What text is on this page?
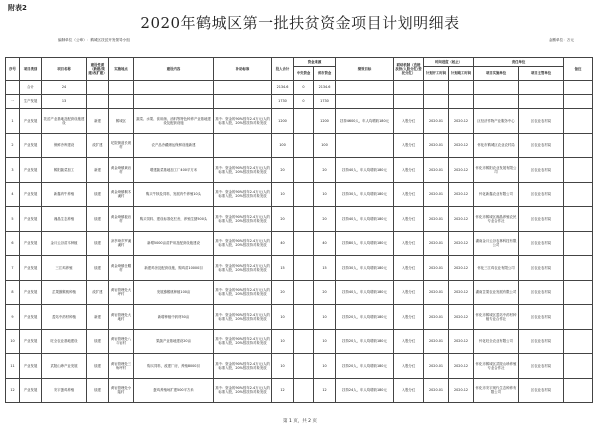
附表2
2020年鹤城区第一批扶贫资金项目计划明细表
编制单位（公章）：鹤城区扶贫开发领导小组	金额单位：万元
序号	项目类别	项目名称	建设性质（新建/续建/改扩建）	实施地点	建设内容	补助标准	投入合计	资金来源		绩效目标	联结机制（直接扶持/入股分红/委托分红）	时间进度（起止）		责任单位		备注
								中央资金	省市资金			计划开工时间	计划竣工时间	项目实施单位	项目主管单位	
	合计	24					2134.6	0	2134.6							
一	生产发展	13					1730	0	1730							
1	产业发展	扶贫产业基地及配套设施建设	新建	鹤城区	蔬菜、水果、食用菌、油料等特色种养产业基地建设及配套设施	其中：资金的90%按年2.4万元/人的标准入股，20%按扶持对象发放	1200		1200	扶持4600人，年人均增收180元	入股分红	2020.01	2020.12	区经济作物产业服务中心	区农业农村局	
2	产业发展	保鲜冷库建设	改扩建	坨院街道长坡村	农产品冷藏储运保鲜设施新建		100		100		入股分红	2020.01	2020.12	怀化市鹤城区农业农村局	区农业农村局	
3	产业发展	鹤阳蔬菜加工	新建	黄金坳镇黄岩村	增建蔬菜基地加工厂400平方米	其中：资金的90%按年2.4万元/人的标准入股，20%按扶持对象发放	20		20	扶持40人，年人均增收180元	入股分红	2020.01	2020.12	怀化市鹤阳农业发展有限公司	区农业农村局	
4	产业发展	新鑫肉牛养殖	续建	黄金坳镇桐木溪村	购买牛犊及饲料，发展肉牛养殖10头	其中：资金的90%按年2.4万元/人的标准入股，20%按扶持对象发放	10		10	扶持30人，年人均增收180元	入股分红	2020.01	2020.12	怀化新鑫农业有限公司	区农业农村局	
5	产业发展	湘晶生态养殖	续建	黄金坳镇板岩村	购买饲料、建设标准化栏舍，养殖生猪500头	其中：资金的90%按年2.4万元/人的标准入股，20%按扶持对象发放	20		20	扶持40人，年人均增收180元	入股分红	2020.01	2020.12	怀化市鹤城区湘晶养殖农民专业合作社	区农业农村局	
6	产业发展	金月云谷苗木种植	续建	凉亭坳乡罗溪溪村	新增5000亩苗护用及配套设施建设	其中：资金的90%按年2.4万元/人的标准入股，20%按扶持对象发放	40		40	扶持80人，年人均增收180元	入股分红	2020.01	2020.12	湖南金月云谷农林科技有限公司	区农业农村局	
7	产业发展	三江鸡养殖	续建	黄金坳镇仕帽村	新建鸡舍及配套设施，购鸡苗10000羽	其中：资金的90%按年2.4万元/人的标准入股，20%按扶持对象发放	15		15	扶持30人，年人均增收180元	入股分红	2020.01	2020.12	怀化三江鸡农业有限公司	区农业农村局	
8	产业发展	芷果猕猴桃种植	改扩建	黄岩管理处大坪村	发展猕猴桃种植100亩	其中：资金的90%按年2.4万元/人的标准入股，20%按扶持对象发放	20		20	扶持40人，年人均增收180元	入股分红	2020.01	2020.12	湖南芷果农业发展有限公司	区农业农村局	
9	产业发展	盈站中药材种植	新建	黄岩管理处大地村	新增种植中药材50亩	其中：资金的90%按年2.4万元/人的标准入股，20%按扶持对象发放	10		10	扶持20人，年人均增收180元	入股分红	2020.01	2020.12	怀化市鹤城区盈站中药材种植专业合作社	区农业农村局	
10	产业发展	旺全农业基地建设	续建	黄岩管理处八斗岩村	果蔬产业基地建设20亩	其中：资金的90%按年2.4万元/人的标准入股，20%按扶持对象发放	10		10	扶持20人，年人均增收180元	入股分红	2020.01	2020.12	怀化旺全农业有限公司	区农业农村局	
11	产业发展	武陵山珍产业发展	续建	黄岩管理处三角坪村	购买饲料，改建厂房，养殖8000羽	其中：资金的90%按年2.4万元/人的标准入股，20%按扶持对象发放	10		10	扶持20人，年人均增收180元	入股分红	2020.01	2020.12	怀化市鹤城区武陵山珍养殖专业合作社	区农业农村局	
12	产业发展	安宇蛋鸡养殖	续建	黄岩管理处小陆村	蛋鸡养殖场扩建500平方米	其中：资金的90%按年2.4万元/人的标准入股，20%按扶持对象发放	12		12	扶持24人，年人均增收180元	入股分红	2020.01	2020.12	怀化市安宇现代生态种养有限公司	区农业农村局	
第 1 页，共 2 页
